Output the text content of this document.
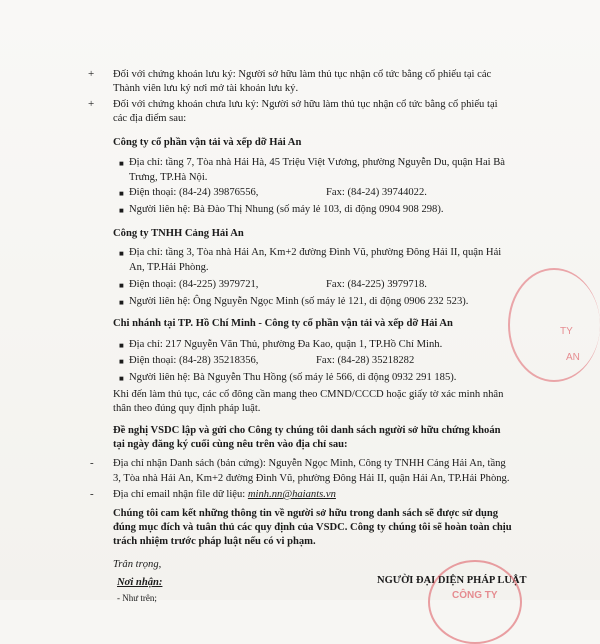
+ Đối với chứng khoán lưu ký: Người sở hữu làm thủ tục nhận cổ tức bằng cổ phiếu tại các
Thành viên lưu ký nơi mở tài khoản lưu ký.
+ Đối với chứng khoán chưa lưu ký: Người sở hữu làm thủ tục nhận cổ tức bằng cổ phiếu tại
các địa điểm sau:
Công ty cổ phần vận tải và xếp dỡ Hải An
■ Địa chỉ: tầng 7, Tòa nhà Hải Hà, 45 Triệu Việt Vương, phường Nguyễn Du, quận Hai Bà
Trưng, TP.Hà Nội.
■ Điện thoại: (84-24) 39876556,	Fax: (84-24) 39744022.
■ Người liên hệ: Bà Đào Thị Nhung (số máy lẻ 103, di động 0904 908 298).
Công ty TNHH Cảng Hải An
■ Địa chỉ: tầng 3, Tòa nhà Hải An, Km+2 đường Đình Vũ, phường Đông Hải II, quận Hải
An, TP.Hải Phòng.
■ Điện thoại: (84-225) 3979721,	Fax: (84-225) 3979718.
■ Người liên hệ: Ông Nguyễn Ngọc Minh (số máy lẻ 121, di động 0906 232 523).
Chi nhánh tại TP. Hồ Chí Minh - Công ty cổ phần vận tải và xếp dỡ Hải An
■ Địa chỉ: 217 Nguyễn Văn Thủ, phường Đa Kao, quận 1, TP.Hồ Chí Minh.
■ Điện thoại: (84-28) 35218356,	Fax: (84-28) 35218282
■ Người liên hệ: Bà Nguyễn Thu Hồng (số máy lẻ 566, di động 0932 291 185).
Khi đến làm thủ tục, các cổ đông cần mang theo CMND/CCCD hoặc giấy tờ xác minh nhân
thân theo đúng quy định pháp luật.
Đề nghị VSDC lập và gửi cho Công ty chúng tôi danh sách người sở hữu chứng khoán
tại ngày đăng ký cuối cùng nêu trên vào địa chỉ sau:
- Địa chỉ nhận Danh sách (bản cứng): Nguyễn Ngọc Minh, Công ty TNHH Cảng Hải An, tầng
3, Tòa nhà Hải An, Km+2 đường Đình Vũ, phường Đông Hải II, quận Hải An, TP.Hải Phòng.
- Địa chỉ email nhận file dữ liệu: minh.nn@haiants.vn
Chúng tôi cam kết những thông tin về người sở hữu trong danh sách sẽ được sử dụng
đúng mục đích và tuân thủ các quy định của VSDC. Công ty chúng tôi sẽ hoàn toàn chịu
trách nhiệm trước pháp luật nếu có vi phạm.
Trân trọng,
Nơi nhận:
- Như trên;
NGƯỜI ĐẠI DIỆN PHÁP LUẬT
TY
AN
CÔNG TY
